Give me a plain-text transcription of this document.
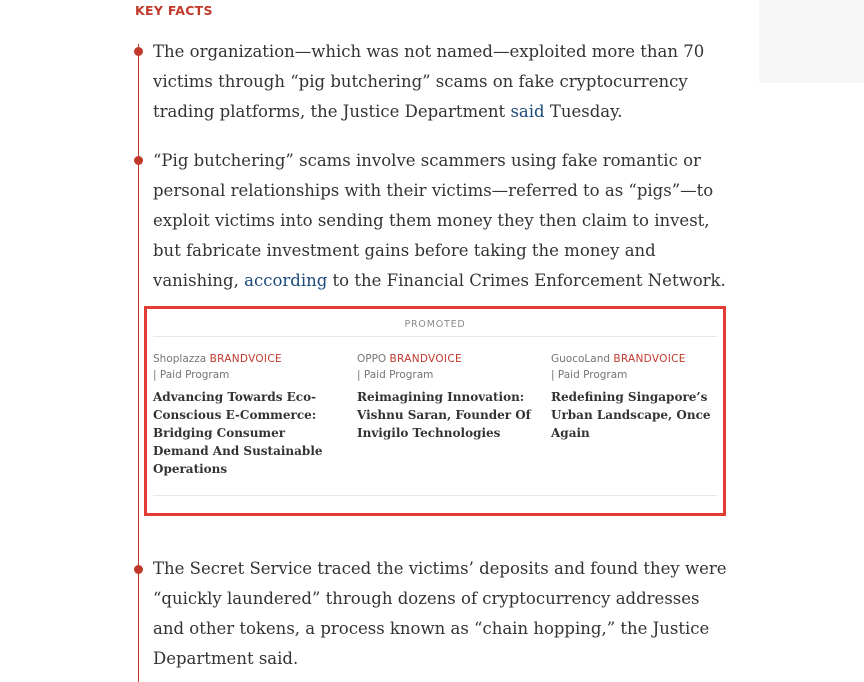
KEY FACTS
The organization—which was not named—exploited more than 70 victims through “pig butchering” scams on fake cryptocurrency trading platforms, the Justice Department said Tuesday.
“Pig butchering” scams involve scammers using fake romantic or personal relationships with their victims—referred to as “pigs”—to exploit victims into sending them money they then claim to invest, but fabricate investment gains before taking the money and vanishing, according to the Financial Crimes Enforcement Network.
PROMOTED
Shoplazza BRANDVOICE
| Paid Program
Advancing Towards Eco-Conscious E-Commerce: Bridging Consumer Demand And Sustainable Operations
OPPO BRANDVOICE
| Paid Program
Reimagining Innovation: Vishnu Saran, Founder Of Invigilo Technologies
GuocoLand BRANDVOICE
| Paid Program
Redefining Singapore’s Urban Landscape, Once Again
The Secret Service traced the victims’ deposits and found they were “quickly laundered” through dozens of cryptocurrency addresses and other tokens, a process known as “chain hopping,” the Justice Department said.
